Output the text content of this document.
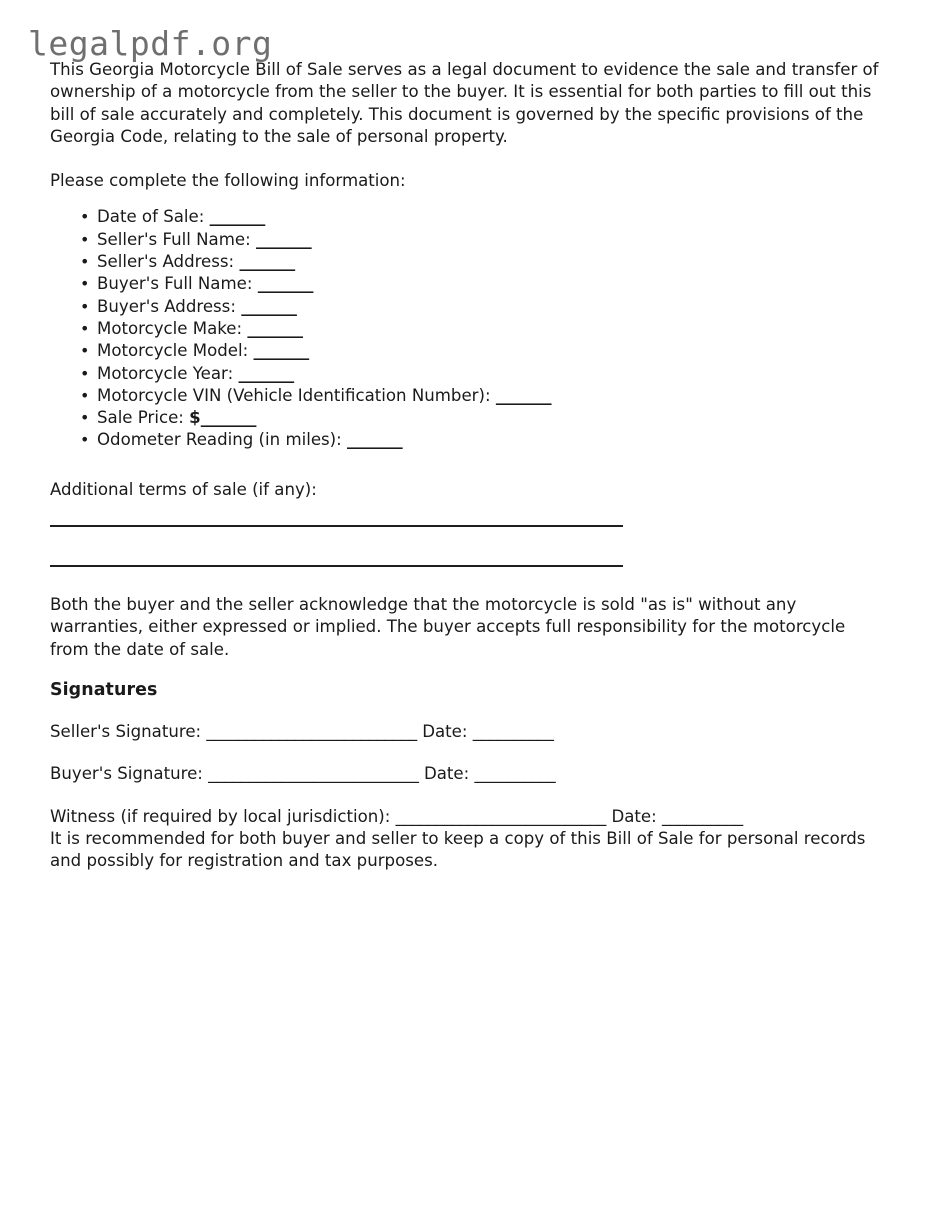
legalpdf.org

This Georgia Motorcycle Bill of Sale serves as a legal document to evidence the sale and transfer of ownership of a motorcycle from the seller to the buyer. It is essential for both parties to fill out this bill of sale accurately and completely. This document is governed by the specific provisions of the Georgia Code, relating to the sale of personal property.

Please complete the following information:

• Date of Sale: _______
• Seller's Full Name: _______
• Seller's Address: _______
• Buyer's Full Name: _______
• Buyer's Address: _______
• Motorcycle Make: _______
• Motorcycle Model: _______
• Motorcycle Year: _______
• Motorcycle VIN (Vehicle Identification Number): _______
• Sale Price: $_______
• Odometer Reading (in miles): _______

Additional terms of sale (if any):

Both the buyer and the seller acknowledge that the motorcycle is sold "as is" without any warranties, either expressed or implied. The buyer accepts full responsibility for the motorcycle from the date of sale.

Signatures
Seller's Signature: __________________________ Date: __________
Buyer's Signature: __________________________ Date: __________
Witness (if required by local jurisdiction): __________________________ Date: __________

It is recommended for both buyer and seller to keep a copy of this Bill of Sale for personal records and possibly for registration and tax purposes.
